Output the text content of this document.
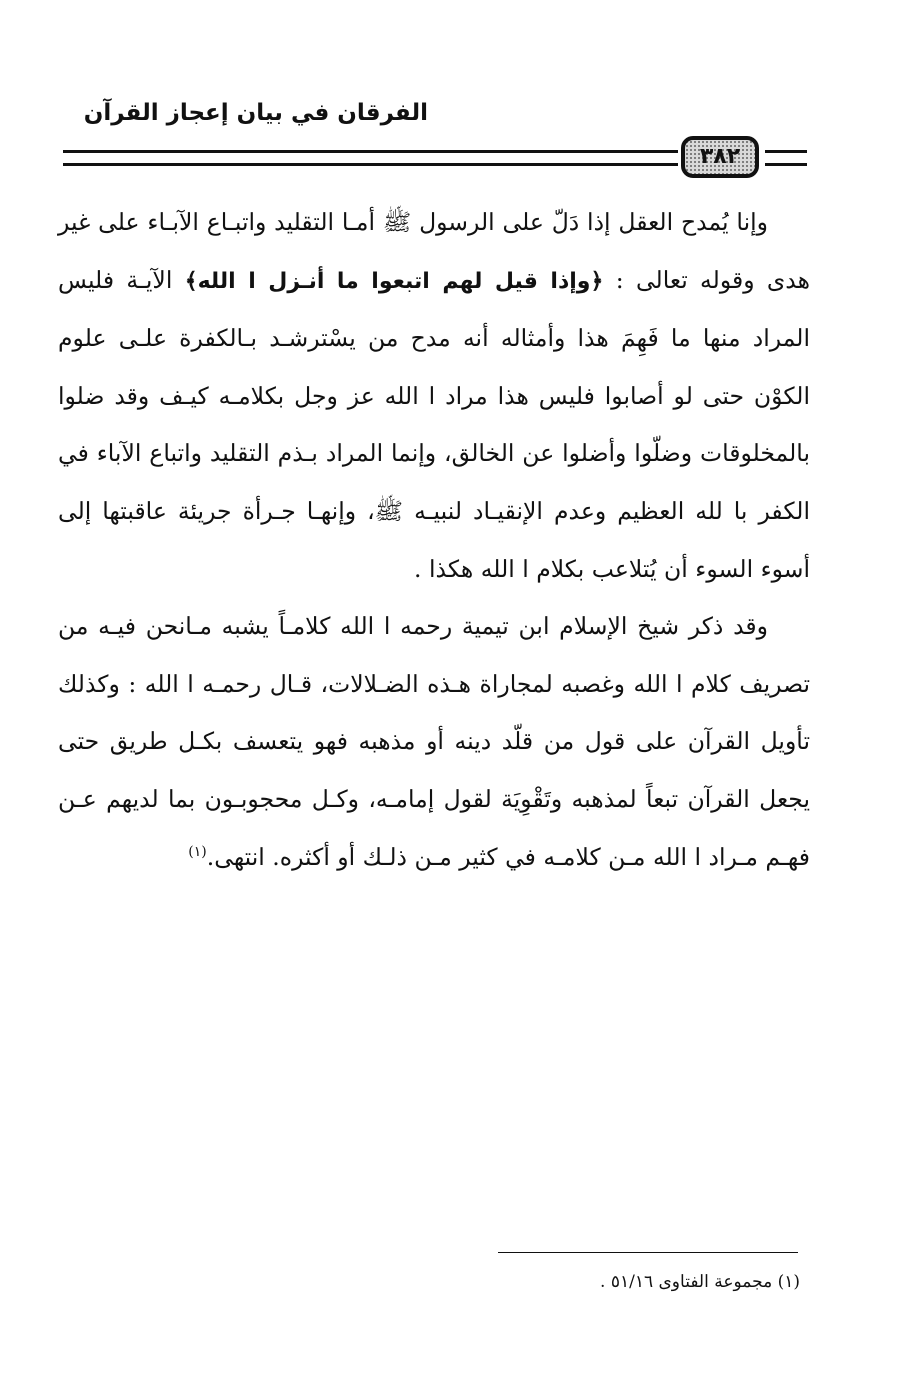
الفرقان في بيان إعجاز القرآن
٣٨٢

وإنا يُمدح العقل إذا دَلّ على الرسول ﷺ أمـا التقليد واتبـاع الآبـاء على غير هدى وقوله تعالى : ﴿وإذا قيل لهم اتبعوا ما أنـزل ا الله﴾ الآيـة فليس المراد منها ما فَهِمَ هذا وأمثاله أنه مدح من يسْترشـد بـالكفرة علـى علوم الكوْن حتى لو أصابوا فليس هذا مراد ا الله عز وجل بكلامـه كيـف وقد ضلوا بالمخلوقات وضلّوا وأضلوا عن الخالق، وإنما المراد بـذم التقليد واتباع الآباء في الكفر با لله العظيم وعدم الإنقيـاد لنبيـه ﷺ، وإنهـا جـرأة جريئة عاقبتها إلى أسوء السوء أن يُتلاعب بكلام ا الله هكذا .

وقد ذكر شيخ الإسلام ابن تيمية رحمه ا الله كلامـاً يشبه مـانحن فيـه من تصريف كلام ا الله وغصبه لمجاراة هـذه الضـلالات، قـال رحمـه ا الله : وكذلك تأويل القرآن على قول من قلّد دينه أو مذهبه فهو يتعسف بكـل طريق حتى يجعل القرآن تبعاً لمذهبه وتَقْوِيَة لقول إمامـه، وكـل محجوبـون بما لديهم عـن فهـم مـراد ا الله مـن كلامـه في كثير مـن ذلـك أو أكثره. انتهى.$^{(١)}$

(١) مجموعة الفتاوى ٥١/١٦ .
